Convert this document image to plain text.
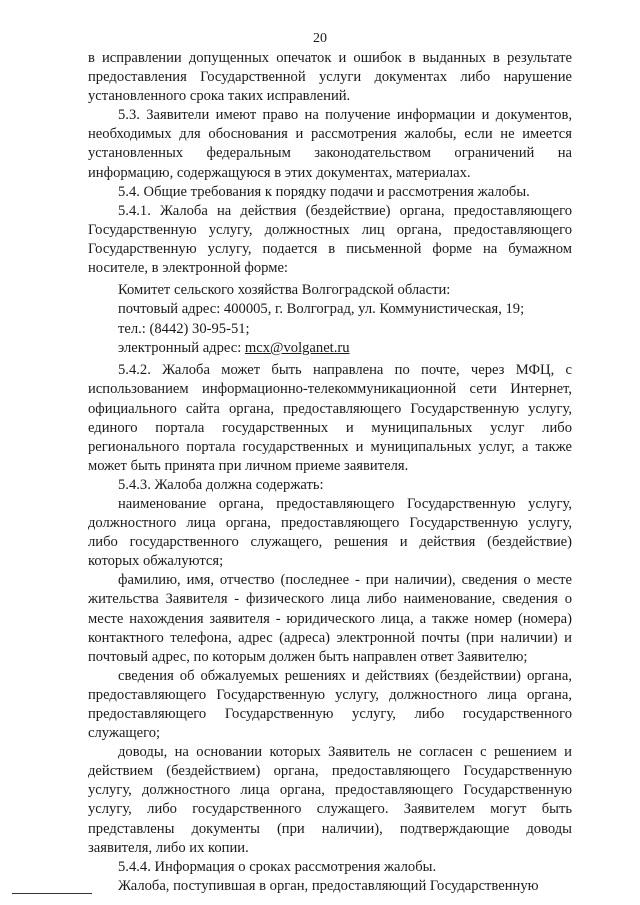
20

в исправлении допущенных опечаток и ошибок в выданных в результате предоставления Государственной услуги документах либо нарушение установленного срока таких исправлений.

5.3. Заявители имеют право на получение информации и документов, необходимых для обоснования и рассмотрения жалобы, если не имеется установленных федеральным законодательством ограничений на информацию, содержащуюся в этих документах, материалах.

5.4. Общие требования к порядку подачи и рассмотрения жалобы.

5.4.1. Жалоба на действия (бездействие) органа, предоставляющего Государственную услугу, должностных лиц органа, предоставляющего Государственную услугу, подается в письменной форме на бумажном носителе, в электронной форме:

Комитет сельского хозяйства Волгоградской области:

почтовый адрес: 400005, г. Волгоград, ул. Коммунистическая, 19;

тел.: (8442) 30-95-51;

электронный адрес: mcx@volganet.ru

5.4.2. Жалоба может быть направлена по почте, через МФЦ, с использованием информационно-телекоммуникационной сети Интернет, официального сайта органа, предоставляющего Государственную услугу, единого портала государственных и муниципальных услуг либо регионального портала государственных и муниципальных услуг, а также может быть принята при личном приеме заявителя.

5.4.3. Жалоба должна содержать:

наименование органа, предоставляющего Государственную услугу, должностного лица органа, предоставляющего Государственную услугу, либо государственного служащего, решения и действия (бездействие) которых обжалуются;

фамилию, имя, отчество (последнее - при наличии), сведения о месте жительства Заявителя - физического лица либо наименование, сведения о месте нахождения заявителя - юридического лица, а также номер (номера) контактного телефона, адрес (адреса) электронной почты (при наличии) и почтовый адрес, по которым должен быть направлен ответ Заявителю;

сведения об обжалуемых решениях и действиях (бездействии) органа, предоставляющего Государственную услугу, должностного лица органа, предоставляющего Государственную услугу, либо государственного служащего;

доводы, на основании которых Заявитель не согласен с решением и действием (бездействием) органа, предоставляющего Государственную услугу, должностного лица органа, предоставляющего Государственную услугу, либо государственного служащего. Заявителем могут быть представлены документы (при наличии), подтверждающие доводы заявителя, либо их копии.

5.4.4. Информация о сроках рассмотрения жалобы.

Жалоба, поступившая в орган, предоставляющий Государственную
